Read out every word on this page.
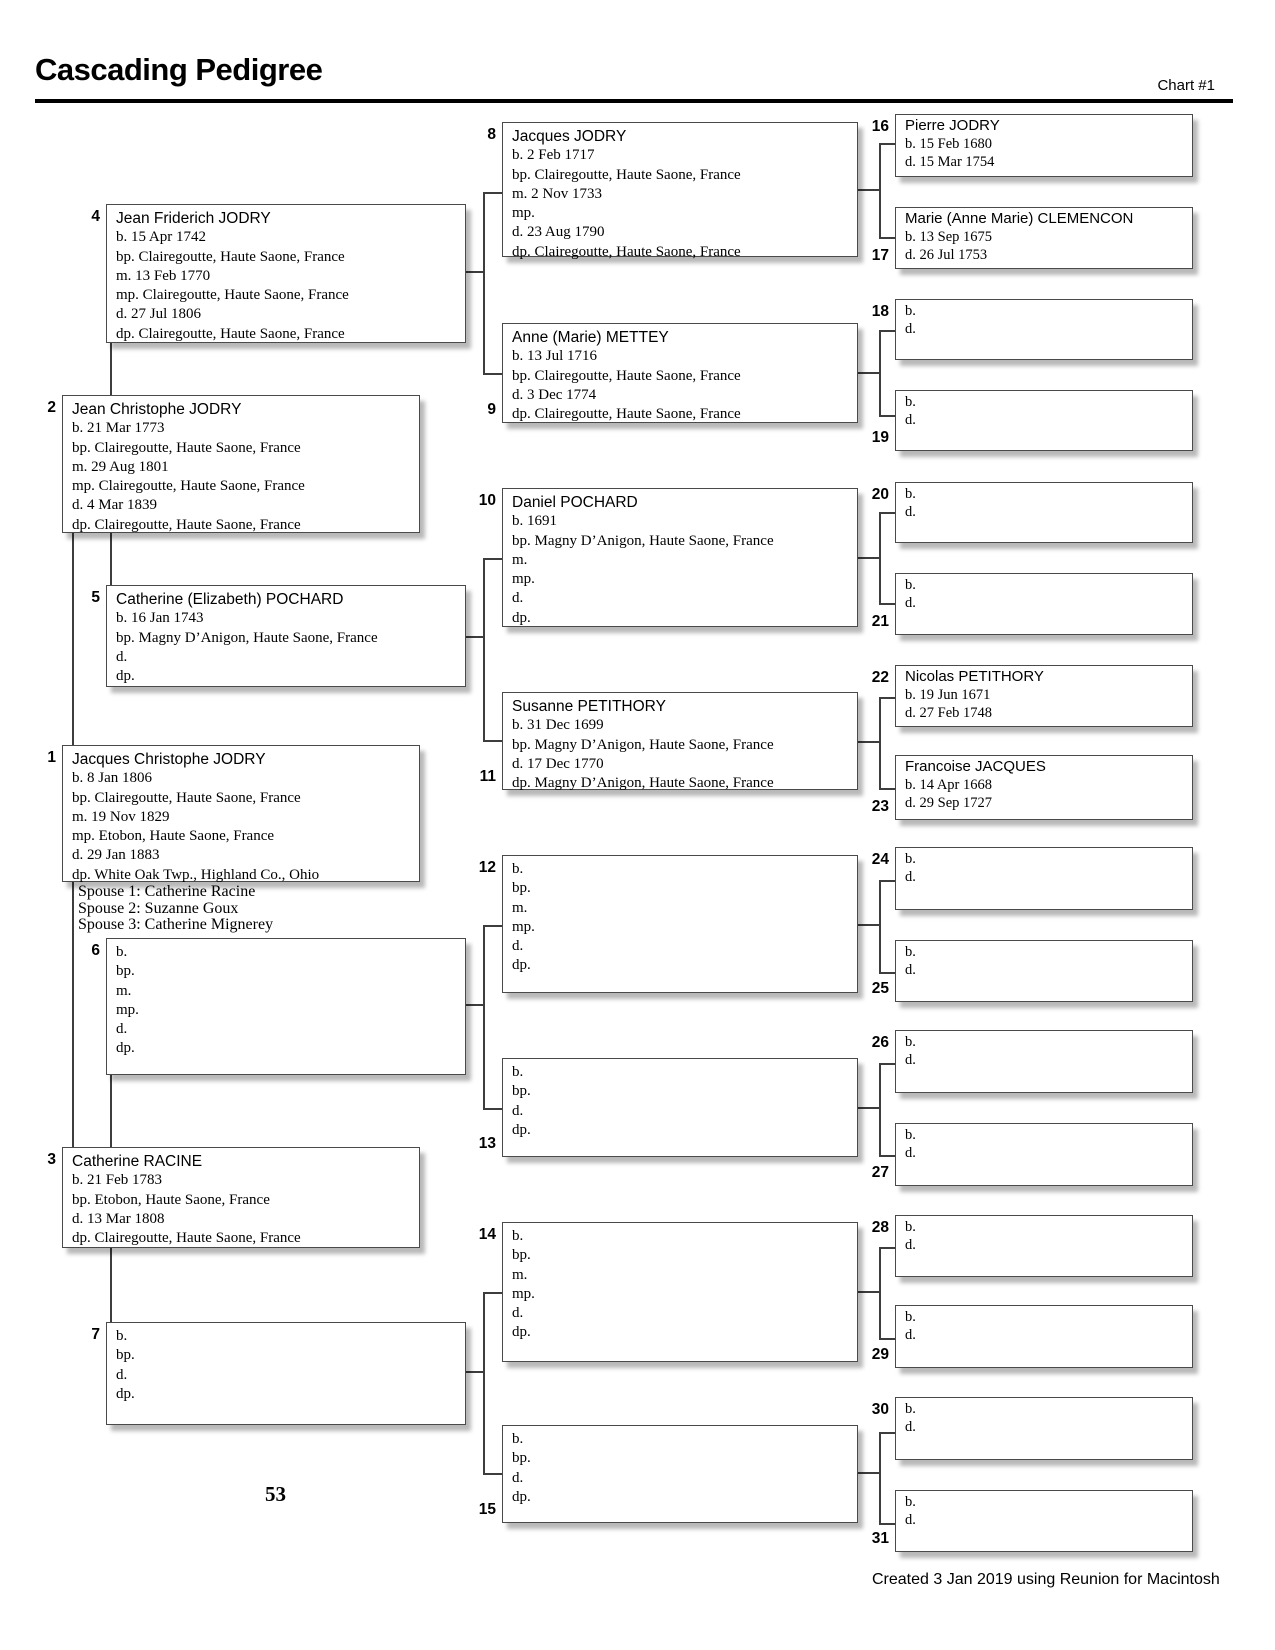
Cascading Pedigree	Chart #1
Spouse 1: Catherine Racine
Spouse 2: Suzanne Goux
Spouse 3: Catherine Mignerey
1 Jacques Christophe JODRY
b. 8 Jan 1806
bp. Clairegoutte, Haute Saone, France
m. 19 Nov 1829
mp. Etobon, Haute Saone, France
d. 29 Jan 1883
dp. White Oak Twp., Highland Co., Ohio
2 Jean Christophe JODRY
b. 21 Mar 1773
bp. Clairegoutte, Haute Saone, France
m. 29 Aug 1801
mp. Clairegoutte, Haute Saone, France
d. 4 Mar 1839
dp. Clairegoutte, Haute Saone, France
3 Catherine RACINE
b. 21 Feb 1783
bp. Etobon, Haute Saone, France
d. 13 Mar 1808
dp. Clairegoutte, Haute Saone, France
4 Jean Friderich JODRY
b. 15 Apr 1742
bp. Clairegoutte, Haute Saone, France
m. 13 Feb 1770
mp. Clairegoutte, Haute Saone, France
d. 27 Jul 1806
dp. Clairegoutte, Haute Saone, France
5 Catherine (Elizabeth) POCHARD
b. 16 Jan 1743
bp. Magny D’Anigon, Haute Saone, France
d.
dp.
6 b.
bp.
m.
mp.
d.
dp.
7 b.
bp.
d.
dp.
8 Jacques JODRY
b. 2 Feb 1717
bp. Clairegoutte, Haute Saone, France
m. 2 Nov 1733
mp.
d. 23 Aug 1790
dp. Clairegoutte, Haute Saone, France
9
Anne (Marie) METTEY
b. 13 Jul 1716
bp. Clairegoutte, Haute Saone, France
d. 3 Dec 1774
dp. Clairegoutte, Haute Saone, France
10 Daniel POCHARD
b. 1691
bp. Magny D’Anigon, Haute Saone, France
m.
mp.
d.
dp.
11
Susanne PETITHORY
b. 31 Dec 1699
bp. Magny D’Anigon, Haute Saone, France
d. 17 Dec 1770
dp. Magny D’Anigon, Haute Saone, France
12 b.
bp.
m.
mp.
d.
dp.
13
b.
bp.
d.
dp.
14 b.
bp.
m.
mp.
d.
dp.
15
b.
bp.
d.
dp.
16 Pierre JODRY
b. 15 Feb 1680
d. 15 Mar 1754
17
Marie (Anne Marie) CLEMENCON
b. 13 Sep 1675
d. 26 Jul 1753
18 b.
d.
19
b.
d.
20 b.
d.
21
b.
d.
22 Nicolas PETITHORY
b. 19 Jun 1671
d. 27 Feb 1748
23
Francoise JACQUES
b. 14 Apr 1668
d. 29 Sep 1727
24 b.
d.
25
b.
d.
26 b.
d.
27
b.
d.
28 b.
d.
29
b.
d.
30 b.
d.
31
b.
d.
53
Created 3 Jan 2019 using Reunion for Macintosh
